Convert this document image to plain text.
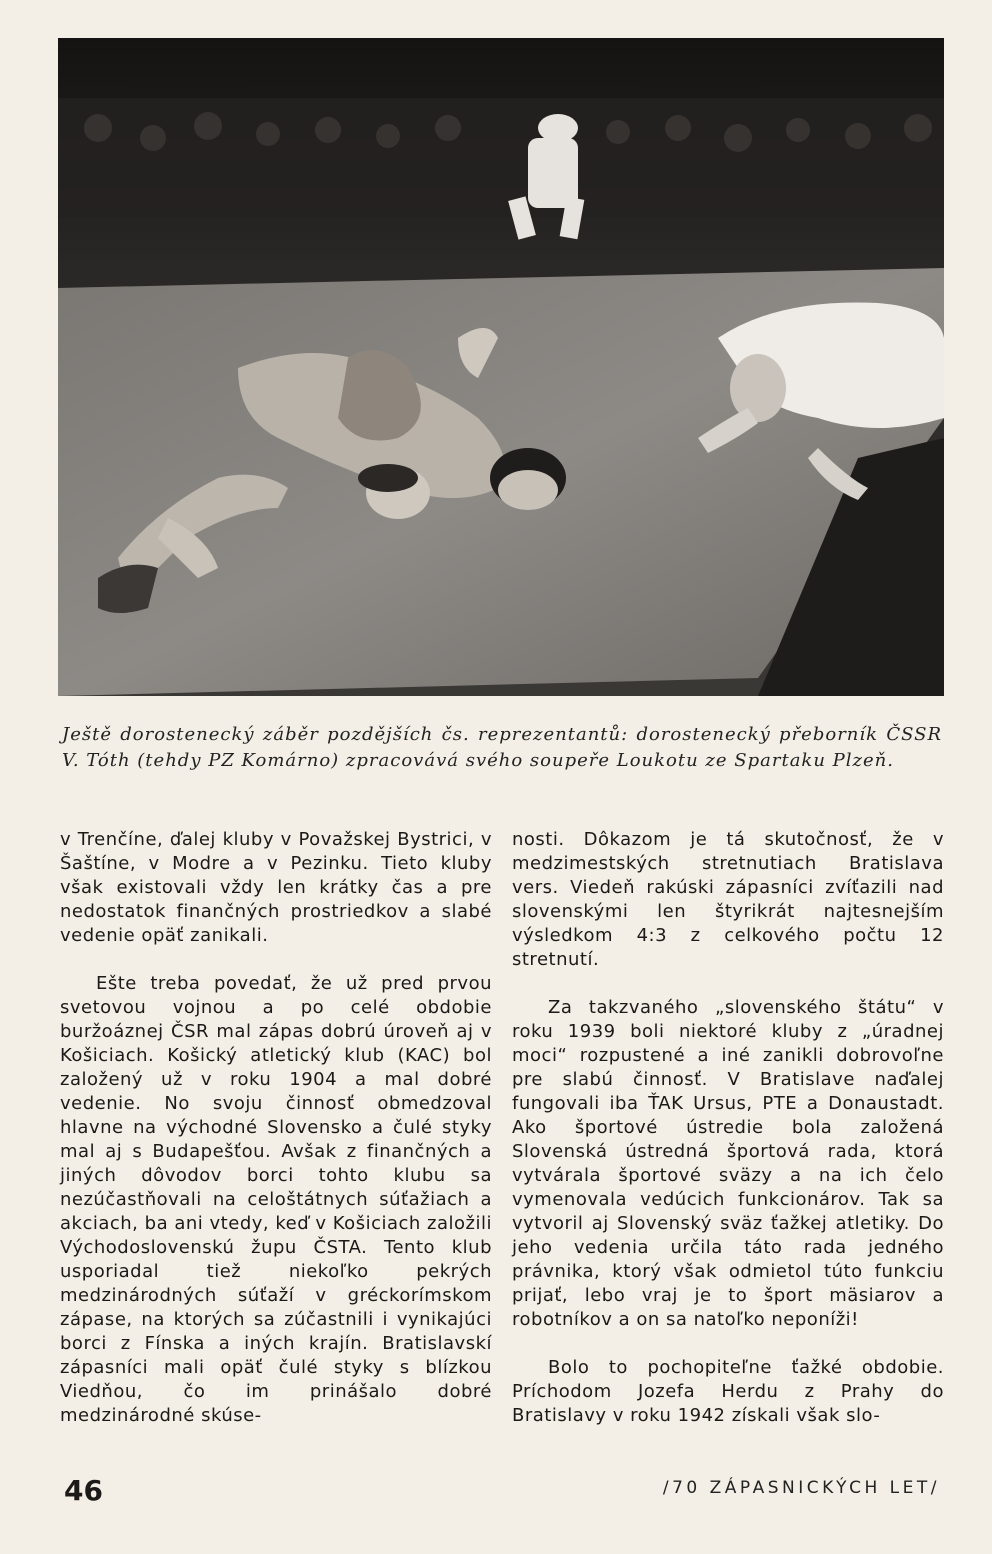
Ještě dorostenecký záběr pozdějších čs. reprezentantů: dorostenecký přeborník ČSSR V. Tóth (tehdy PZ Komárno) zpracovává svého soupeře Loukotu ze Spartaku Plzeň.

v Trenčíne, ďalej kluby v Považskej Bystrici, v Šaštíne, v Modre a v Pezinku. Tieto kluby však existovali vždy len krátky čas a pre nedostatok finančných prostriedkov a slabé vedenie opäť zanikali.

Ešte treba povedať, že už pred prvou svetovou vojnou a po celé obdobie buržoáznej ČSR mal zápas dobrú úroveň aj v Košiciach. Košický atletický klub (KAC) bol založený už v roku 1904 a mal dobré vedenie. No svoju činnosť obmedzoval hlavne na východné Slovensko a čulé styky mal aj s Budapešťou. Avšak z finančných a jiných dôvodov borci tohto klubu sa nezúčastňovali na celoštátnych súťažiach a akciach, ba ani vtedy, keď v Košiciach založili Východoslovenskú župu ČSTA. Tento klub usporiadal tiež niekoľko pekrých medzinárodných súťaží v gréckorímskom zápase, na ktorých sa zúčastnili i vynikajúci borci z Fínska a iných krajín. Bratislavskí zápasníci mali opäť čulé styky s blízkou Viedňou, čo im prinášalo dobré medzinárodné skúse-

nosti. Dôkazom je tá skutočnosť, že v medzimestských stretnutiach Bratislava vers. Viedeň rakúski zápasníci zvíťazili nad slovenskými len štyrikrát najtesnejším výsledkom 4:3 z celkového počtu 12 stretnutí.

Za takzvaného „slovenského štátu“ v roku 1939 boli niektoré kluby z „úradnej moci“ rozpustené a iné zanikli dobrovoľne pre slabú činnosť. V Bratislave naďalej fungovali iba ŤAK Ursus, PTE a Donaustadt. Ako športové ústredie bola založená Slovenská ústredná športová rada, ktorá vytvárala športové sväzy a na ich čelo vymenovala vedúcich funkcionárov. Tak sa vytvoril aj Slovenský sväz ťažkej atletiky. Do jeho vedenia určila táto rada jedného právnika, ktorý však odmietol túto funkciu prijať, lebo vraj je to šport mäsiarov a robotníkov a on sa natoľko neponíži!

Bolo to pochopiteľne ťažké obdobie. Príchodom Jozefa Herdu z Prahy do Bratislavy v roku 1942 získali však slo-

46	/70 ZÁPASNICKÝCH LET/
